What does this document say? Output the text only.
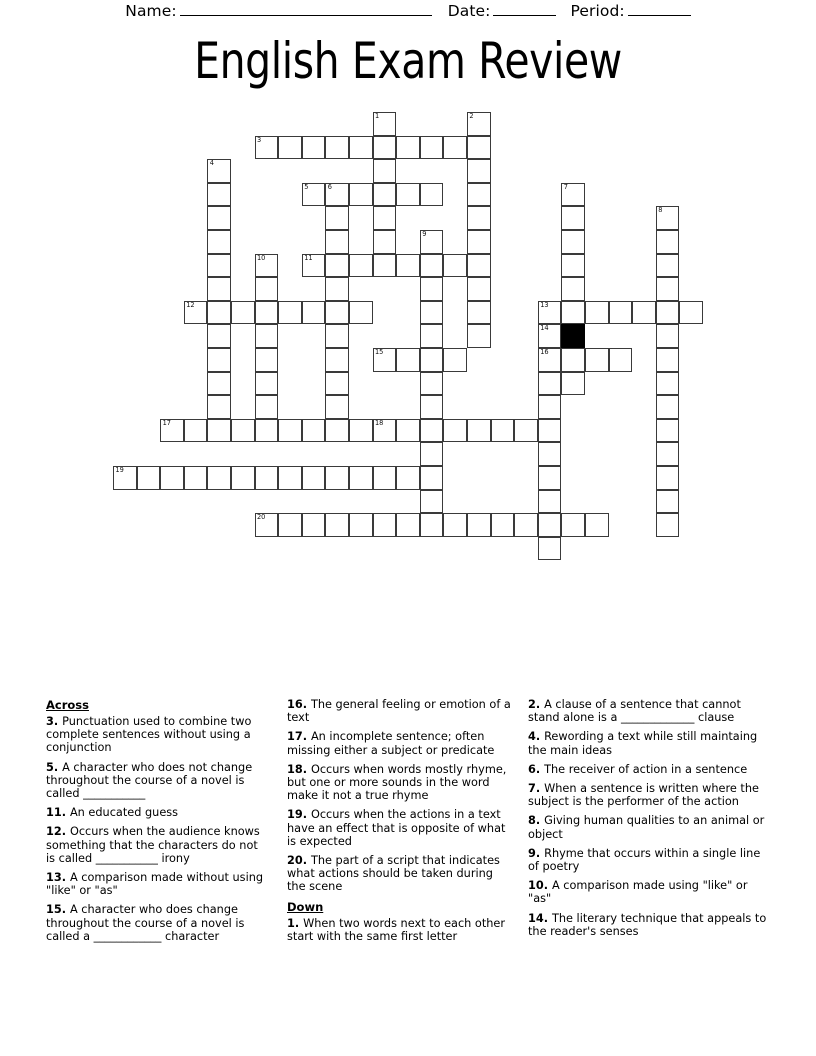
Name:	Date:	Period:
English Exam Review
1	2
3
4
5	6	7
8
9
10	11
12	13
14
15	16
17	18
19
20
Across

3. Punctuation used to combine two complete sentences without using a conjunction

5. A character who does not change throughout the course of a novel is called ___________

11. An educated guess

12. Occurs when the audience knows something that the characters do not is called ___________ irony

13. A comparison made without using "like" or "as"

15. A character who does change throughout the course of a novel is called a ____________ character

16. The general feeling or emotion of a text

17. An incomplete sentence; often missing either a subject or predicate

18. Occurs when words mostly rhyme, but one or more sounds in the word make it not a true rhyme

19. Occurs when the actions in a text have an effect that is opposite of what is expected

20. The part of a script that indicates what actions should be taken during the scene

Down

1. When two words next to each other start with the same first letter

2. A clause of a sentence that cannot stand alone is a _____________ clause

4. Rewording a text while still maintaing the main ideas

6. The receiver of action in a sentence

7. When a sentence is written where the subject is the performer of the action

8. Giving human qualities to an animal or object

9. Rhyme that occurs within a single line of poetry

10. A comparison made using "like" or "as"

14. The literary technique that appeals to the reader's senses
